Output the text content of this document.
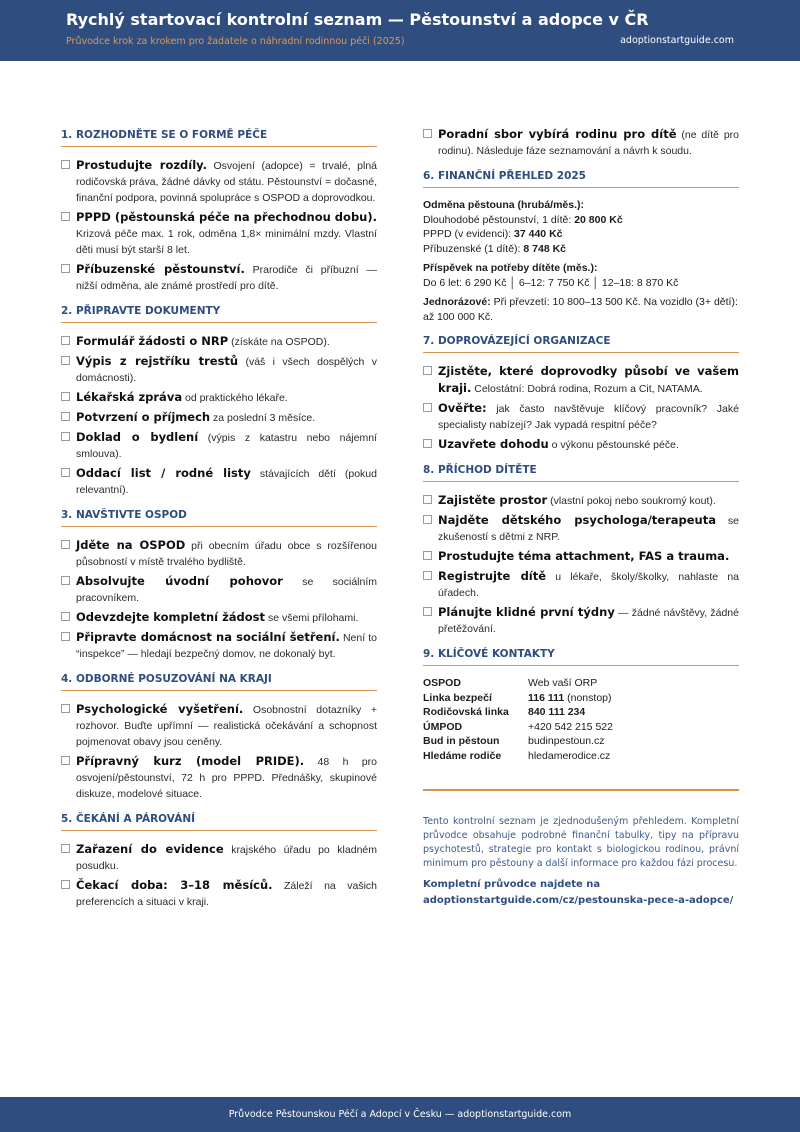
Rychlý startovací kontrolní seznam — Pěstounství a adopce v ČR
Průvodce krok za krokem pro žadatele o náhradní rodinnou péči (2025)	adoptionstartguide.com
1. ROZHODNĚTE SE O FORMĚ PÉČE
Prostudujte rozdíly. Osvojení (adopce) = trvalé, plná rodičovská práva, žádné dávky od státu. Pěstounství = dočasné, finanční podpora, povinná spolupráce s OSPOD a doprovodkou.
PPPD (pěstounská péče na přechodnou dobu). Krizová péče max. 1 rok, odměna 1,8× minimální mzdy. Vlastní děti musí být starší 8 let.
Příbuzenské pěstounství. Prarodiče či příbuzní — nižší odměna, ale známé prostředí pro dítě.
2. PŘIPRAVTE DOKUMENTY
Formulář žádosti o NRP (získáte na OSPOD).
Výpis z rejstříku trestů (váš i všech dospělých v domácnosti).
Lékařská zpráva od praktického lékaře.
Potvrzení o příjmech za poslední 3 měsíce.
Doklad o bydlení (výpis z katastru nebo nájemní smlouva).
Oddací list / rodné listy stávajících dětí (pokud relevantní).
3. NAVŠTIVTE OSPOD
Jděte na OSPOD při obecním úřadu obce s rozšířenou působností v místě trvalého bydliště.
Absolvujte úvodní pohovor se sociálním pracovníkem.
Odevzdejte kompletní žádost se všemi přílohami.
Připravte domácnost na sociální šetření. Není to “inspekce” — hledají bezpečný domov, ne dokonalý byt.
4. ODBORNÉ POSUZOVÁNÍ NA KRAJI
Psychologické vyšetření. Osobnostní dotazníky + rozhovor. Buďte upřímní — realistická očekávání a schopnost pojmenovat obavy jsou ceněny.
Přípravný kurz (model PRIDE). 48 h pro osvojení/pěstounství, 72 h pro PPPD. Přednášky, skupinové diskuze, modelové situace.
5. ČEKÁNÍ A PÁROVÁNÍ
Zařazení do evidence krajského úřadu po kladném posudku.
Čekací doba: 3–18 měsíců. Záleží na vašich preferencích a situaci v kraji.
Poradní sbor vybírá rodinu pro dítě (ne dítě pro rodinu). Následuje fáze seznamování a návrh k soudu.
6. FINANČNÍ PŘEHLED 2025
Odměna pěstouna (hrubá/měs.):
Dlouhodobé pěstounství, 1 dítě: 20 800 Kč
PPPD (v evidenci): 37 440 Kč
Příbuzenské (1 dítě): 8 748 Kč
Příspěvek na potřeby dítěte (měs.):
Do 6 let: 6 290 Kč │ 6–12: 7 750 Kč │ 12–18: 8 870 Kč
Jednorázové: Při převzetí: 10 800–13 500 Kč. Na vozidlo (3+ dětí): až 100 000 Kč.
7. DOPROVÁZEJÍCÍ ORGANIZACE
Zjistěte, které doprovodky působí ve vašem kraji. Celostátní: Dobrá rodina, Rozum a Cit, NATAMA.
Ověřte: jak často navštěvuje klíčový pracovník? Jaké specialisty nabízejí? Jak vypadá respitní péče?
Uzavřete dohodu o výkonu pěstounské péče.
8. PŘÍCHOD DÍTĚTE
Zajistěte prostor (vlastní pokoj nebo soukromý kout).
Najděte dětského psychologa/terapeuta se zkušeností s dětmi z NRP.
Prostudujte téma attachment, FAS a trauma.
Registrujte dítě u lékaře, školy/školky, nahlaste na úřadech.
Plánujte klidné první týdny — žádné návštěvy, žádné přetěžování.
9. KLÍČOVÉ KONTAKTY
OSPOD	Web vaší ORP
Linka bezpečí	116 111 (nonstop)
Rodičovská linka	840 111 234
ÚMPOD	+420 542 215 522
Bud in pěstoun	budinpestoun.cz
Hledáme rodiče	hledamerodice.cz
Tento kontrolní seznam je zjednodušeným přehledem. Kompletní průvodce obsahuje podrobné finanční tabulky, tipy na přípravu psychotestů, strategie pro kontakt s biologickou rodinou, právní minimum pro pěstouny a další informace pro každou fázi procesu.
Kompletní průvodce najdete na
adoptionstartguide.com/cz/pestounska-pece-a-adopce/
Průvodce Pěstounskou Péčí a Adopcí v Česku — adoptionstartguide.com
